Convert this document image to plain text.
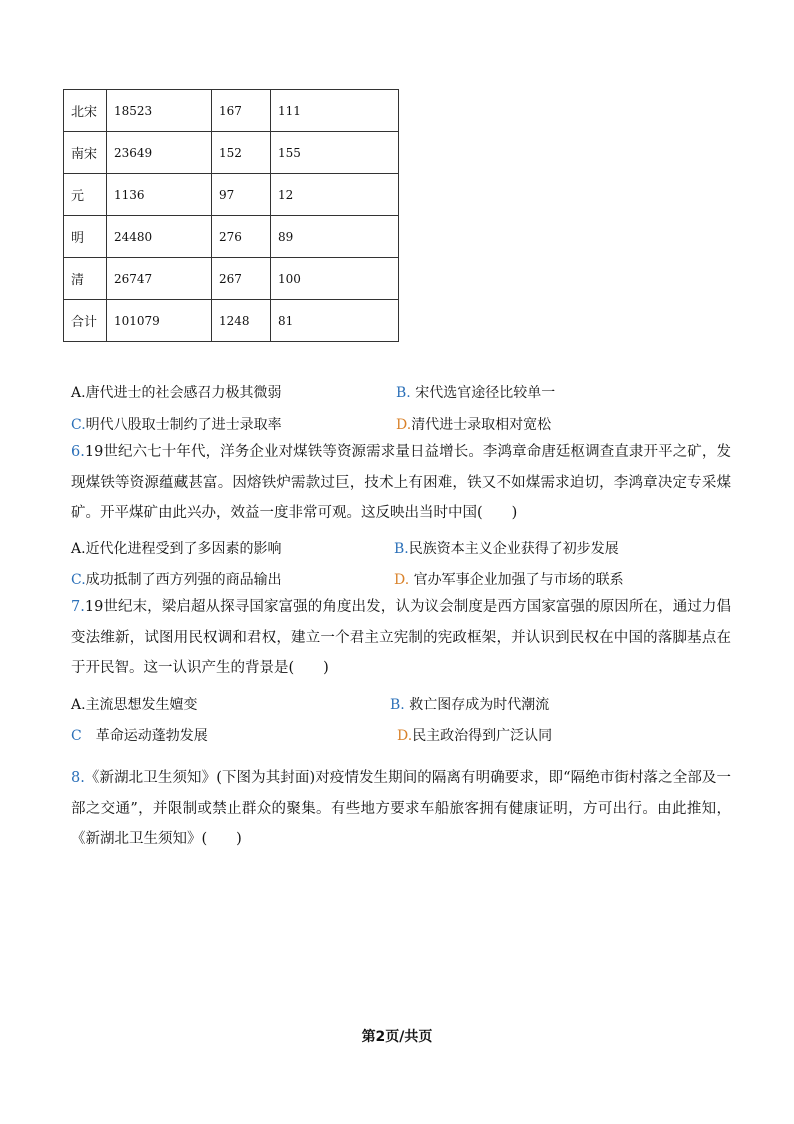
北宋	18523	167	111
南宋	23649	152	155
元	1136	97	12
明	24480	276	89
清	26747	267	100
合计	101079	1248	81
A.唐代进士的社会感召力极其微弱	B. 宋代选官途径比较单一
C.明代八股取士制约了进士录取率	D.清代进士录取相对宽松
6.19世纪六七十年代，洋务企业对煤铁等资源需求量日益增长。李鸿章命唐廷枢调查直隶开平之矿，发现煤铁等资源蕴藏甚富。因熔铁炉需款过巨，技术上有困难，铁又不如煤需求迫切，李鸿章决定专采煤矿。开平煤矿由此兴办，效益一度非常可观。这反映出当时中国(　　)
A.近代化进程受到了多因素的影响	B.民族资本主义企业获得了初步发展
C.成功抵制了西方列强的商品输出	D. 官办军事企业加强了与市场的联系
7.19世纪末，梁启超从探寻国家富强的角度出发，认为议会制度是西方国家富强的原因所在，通过力倡变法维新，试图用民权调和君权，建立一个君主立宪制的宪政框架，并认识到民权在中国的落脚基点在于开民智。这一认识产生的背景是(　　)
A.主流思想发生嬗变	B. 救亡图存成为时代潮流
C　革命运动蓬勃发展	D.民主政治得到广泛认同
8.《新湖北卫生须知》(下图为其封面)对疫情发生期间的隔离有明确要求，即“隔绝市街村落之全部及一部之交通”，并限制或禁止群众的聚集。有些地方要求车船旅客拥有健康证明，方可出行。由此推知，《新湖北卫生须知》(　　)
第2页/共页
